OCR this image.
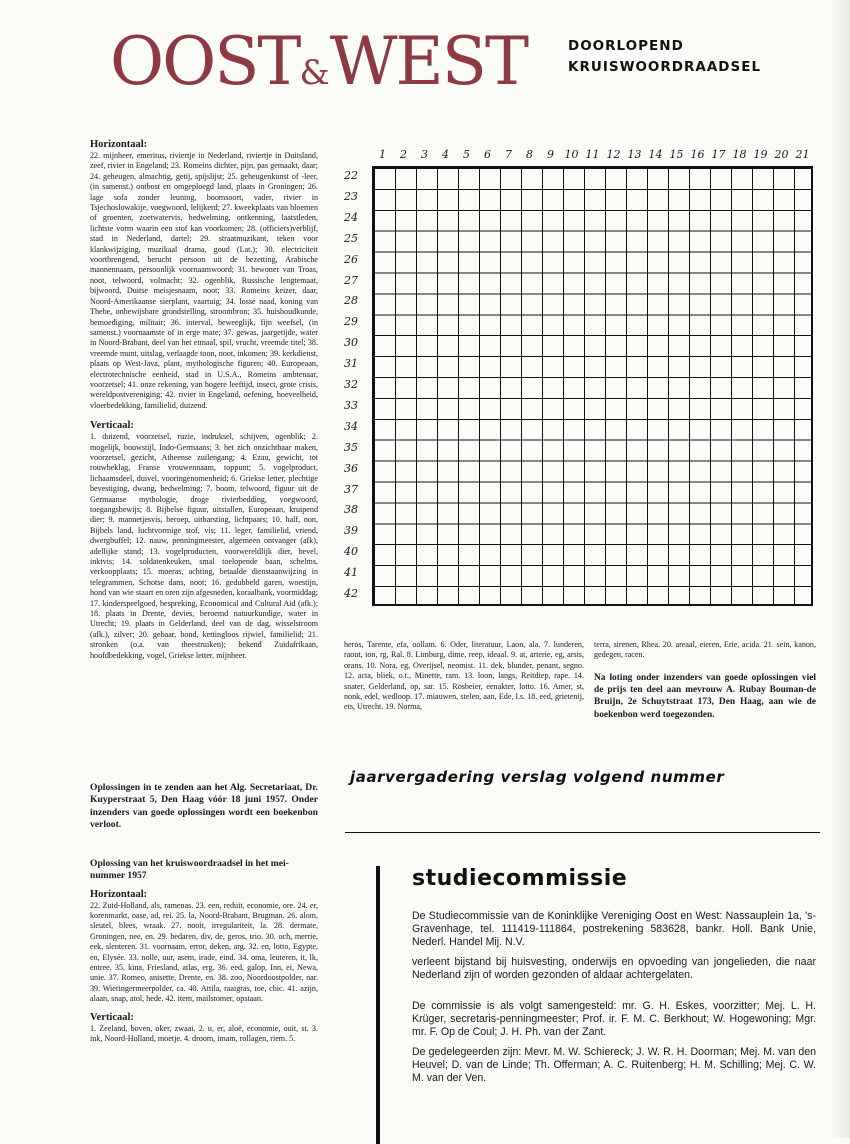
OOST&WEST	DOORLOPEND
KRUISWOORDRAADSEL
Horizontaal:
22. mijnheer, emeritus, riviertje in Nederland, riviertje in Duitsland, zeef, rivier in Engeland; 23. Romeins dichter, pijn, pas gemaakt, daar; 24. geheugen, almachtig, getij, spijslijst; 25. geheugenkunst of -leer, (in samenst.) ontbost en omgeploegd land, plaats in Groningen; 26. lage sofa zonder leuning, boomsoort, vader, rivier in Tsjechoslowakije, voegwoord, lelijkerd; 27. kweekplaats van bloemen of groenten, zoetwatervis, bedwelming, ontkenning, laatstleden, lichtste vorm waarin een stof kan voorkomen; 28. (officiers)verblijf, stad in Nederland, dartel; 29. straatmuzikant, teken voor klankwijziging, muzikaal drama, goud (Lat.); 30. electriciteit voortbrengend, berucht persoon uit de bezetting, Arabische mannennaam, persoonlijk voornaamwoord; 31. bewoner van Troas, noot, telwoord, volmacht; 32. ogenblik, Russische lengtemaat, bijwoord, Duitse meisjesnaam, noot; 33. Romeins keizer, daar, Noord-Amerikaanse sierplant, vaartuig; 34. losse naad, koning van Thebe, onbewijsbare grondstelling, stroombron; 35. huishoudkunde, bemoediging, militair; 36. interval, beweeglijk, fijn weefsel, (in samenst.) voornaamste of in erge mate; 37. gewas, jaargetijde, water in Noord-Brabant, deel van het etmaal, spil, vrucht, vreemde titel; 38. vreemde munt, uitslag, verlaagde toon, noot, inkomen; 39. kerkdienst, plaats op West-Java, plant, mythologische figuren; 40. Europeaan, electrotechnische eenheid, stad in U.S.A., Romeins ambtenaar, voorzetsel; 41. onze rekening, van hogere leeftijd, insect, grote crisis, wereldpostvereniging; 42. rivier in Engeland, oefening, hoeveelheid, vloerbedekking, familielid, duizend.
Verticaal:
1. duizend, voorzetsel, ruzie, indruksel, schijven, ogenblik; 2. mogelijk, bouwstijl, Indo-Germaans; 3. het zich onzichtbaar maken, voorzetsel, gezicht, Atheense zuilengang; 4. Ezau, gewicht, tot rouwbeklag, Franse vrouwennaam, toppunt; 5. vogelproduct, lichaamsdeel, duivel, vooringenomenheid; 6. Griekse letter, plechtige bevestiging, dwang, bedwelming; 7. boom, telwoord, figuur uit de Germaanse mythologie, droge rivierbedding, voegwoord, toegangsbewijs; 8. Bijbelse figuur, uitstallen, Europeaan, kruipend dier; 9. mannetjesvis, beroep, uitbarsting, lichtpaars; 10. half, non, Bijbels land, luchtvormige stof, vis; 11. leger, familielid, vriend, dwergbuffel; 12. nauw, penningmeester, algemeen ontvanger (afk), adellijke stand; 13. vogelproducten, voorwereldlijk dier, bevel, inktvis; 14. soldatenkeuken, smal toelopende baan, schelms, verkoopplaats; 15. moeras, achting, betaalde dienstaanwijzing in telegrammen, Schotse dans, noot; 16. gedubbeld garen, woestijn, hond van wie staart en oren zijn afgesneden, koraalbank, voormiddag; 17. kinderspeelgoed, bespreking, Economical and Cultural Aid (afk.); 18. plaats in Drente, devies, beroemd natuurkundige, water in Utrecht; 19. plaats in Gelderland, deel van de dag, wisselstroom (afk.), zilver; 20. gebaar, bond, kettingloos rijwiel, familielid; 21. stronken (o.a. van theestruiken); bekend Zuidafrikaan, hoofdbedekking, vogel, Griekse letter, mijnheer.
Oplossingen in te zenden aan het Alg. Secretariaat, Dr. Kuyperstraat 5, Den Haag vóór 18 juni 1957. Onder inzenders van goede oplossingen wordt een boekenbon verloot.
Oplossing van het kruiswoordraadsel in het mei-nummer 1957
Horizontaal:
22. Zuid-Holland, als, ramenas. 23. een, reduit, economie, ore. 24. er, korenmarkt, oase, ad, rei. 25. la, Noord-Brabant, Brugman. 26. alom, sleutel, blees, wraak. 27. nooit, irregulariteit, la. 28. dermate, Groningen, nee, en. 29. bedaren, div, de, geros, trio. 30. och, merrie, eek, slenteren. 31. voornaam, error, deken, arg. 32. en, lotto, Egypte, en, Elysée. 33. nolle, uur, asem, irade, eind. 34. oma, leuteren, it, lk, entree. 35. kina, Friesland, atlas, erg. 36. eed, galop, Inn, ei, Newa, unie. 37. Romeo, anisette, Drente, en. 38. zoo, Noordoostpolder, nar. 39. Wieringermeerpolder, ca. 40. Attila, raaigras, toe, chic. 41. azijn, alaan, snap, atol, hede. 42. item, mailstomer, opstaan.
Verticaal:
1. Zeeland, boven, oker, zwaai. 2. u, er, aloë, economie, ouit, st. 3. ink, Noord-Holland, moetje. 4. droom, imam, rollagen, riem. 5.
1	2	3	4	5	6	7	8	9 10 11 12 13 14 15 16 17 18 19 20 21
22
23
24
25
26
27
28
29
30
31
32
33
34
35
36
37
38
39
40
41
42
heros, Tarente, efa, oollam. 6. Oder, literatuur, Laon, ala. 7. lunderen, raout, ion, rg, Ral. 8. Limburg, dime, reep, ideaal. 9. at, arterie, eg, arsis, orans. 10. Nora, eg, Overijsel, neomist. 11. dek, blunder, penant, segno. 12. acta, bliek, o.t., Minette, ram. 13. loon, langs, Reitdiep, rape. 14. snater, Gelderland, op, sar. 15. Rosbeier, eenakter, lotto. 16. Amer, st, nonk, edel, wedloop. 17. miauwen, stelen, aan, Ede, l.s. 18. eed, grietenij, ets, Utrecht. 19. Norma,
terra, sirenen, Rhea. 20. areaal, eieren, Erie, acida. 21. sein, kanon, gedegen, racen.
Na loting onder inzenders van goede oplossingen viel de prijs ten deel aan mevrouw A. Rubay Bouman-de Bruijn, 2e Schuytstraat 173, Den Haag, aan wie de boekenbon werd toegezonden.
jaarvergadering verslag volgend nummer
studiecommissie
De Studiecommissie van de Koninklijke Vereniging Oost en West: Nassauplein 1a, 's-Gravenhage, tel. 111419-111864, postrekening 583628, bankr. Holl. Bank Unie, Nederl. Handel Mij. N.V.
verleent bijstand bij huisvesting, onderwijs en opvoeding van jongelieden, die naar Nederland zijn of worden gezonden of aldaar achtergelaten.
De commissie is als volgt samengesteld: mr. G. H. Eskes, voorzitter; Mej. L. H. Krüger, secretaris-penningmeester; Prof. ir. F. M. C. Berkhout; W. Hogewoning; Mgr. mr. F. Op de Coul; J. H. Ph. van der Zant.
De gedelegeerden zijn: Mevr. M. W. Schiereck; J. W. R. H. Doorman; Mej. M. van den Heuvel; D. van de Linde; Th. Offerman; A. C. Ruitenberg; H. M. Schilling; Mej. C. W. M. van der Ven.
